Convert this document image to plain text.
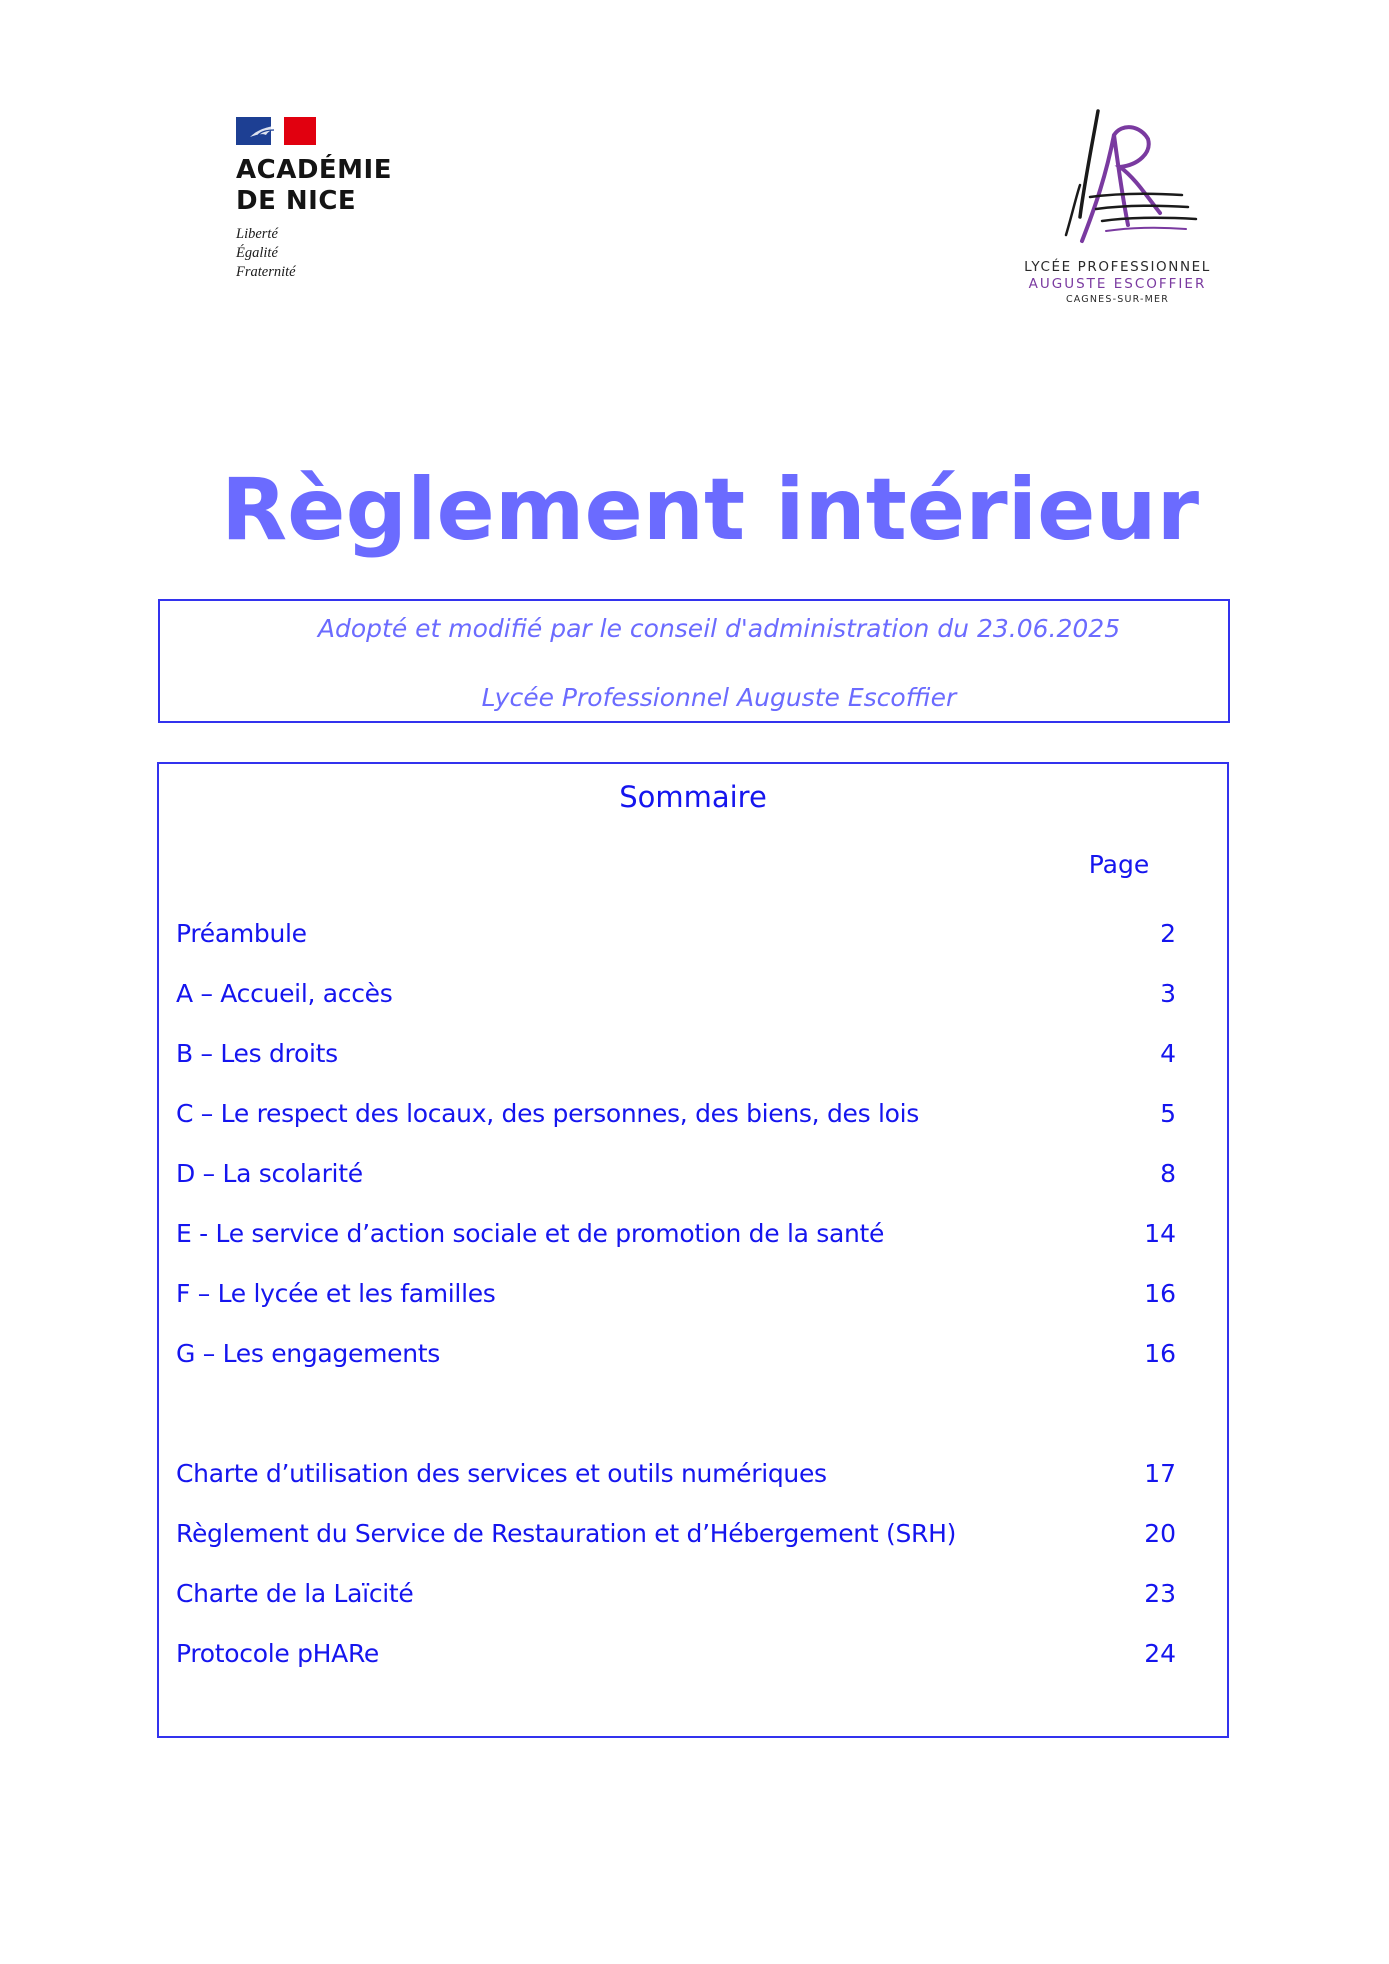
ACADÉMIE
DE NICE
Liberté
Égalité
Fraternité	LYCÉE PROFESSIONNEL
AUGUSTE ESCOFFIER
CAGNES-SUR-MER
Règlement intérieur
Adopté et modifié par le conseil d'administration du 23.06.2025
Lycée Professionnel Auguste Escoffier
Sommaire
Page
Préambule	2
A – Accueil, accès	3
B – Les droits	4
C – Le respect des locaux, des personnes, des biens, des lois	5
D – La scolarité	8
E - Le service d’action sociale et de promotion de la santé	14
F – Le lycée et les familles	16
G – Les engagements	16
Charte d’utilisation des services et outils numériques	17
Règlement du Service de Restauration et d’Hébergement (SRH)	20
Charte de la Laïcité	23
Protocole pHARe	24
